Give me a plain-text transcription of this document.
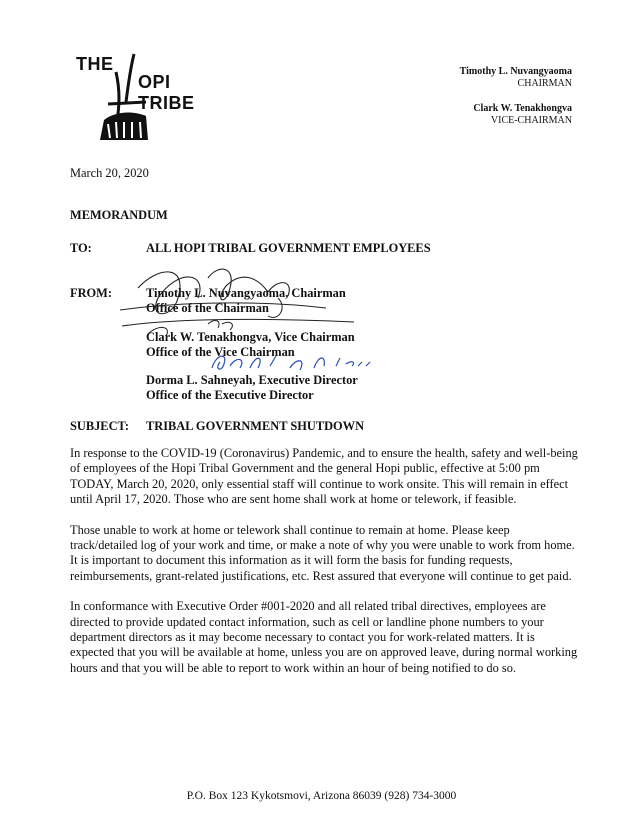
THE
OPI TRIBE
Timothy L. Nuvangyaoma
CHAIRMAN
Clark W. Tenakhongva
VICE-CHAIRMAN
March 20, 2020
MEMORANDUM
TO:	ALL HOPI TRIBAL GOVERNMENT EMPLOYEES
FROM:	Timothy L. Nuvangyaoma, Chairman
Office of the Chairman
Clark W. Tenakhongva, Vice Chairman
Office of the Vice Chairman
Dorma L. Sahneyah, Executive Director
Office of the Executive Director
SUBJECT: TRIBAL GOVERNMENT SHUTDOWN

In response to the COVID-19 (Coronavirus) Pandemic, and to ensure the health, safety and well-being of employees of the Hopi Tribal Government and the general Hopi public, effective at 5:00 pm TODAY, March 20, 2020, only essential staff will continue to work onsite. This will remain in effect until April 17, 2020. Those who are sent home shall work at home or telework, if feasible.

Those unable to work at home or telework shall continue to remain at home. Please keep track/detailed log of your work and time, or make a note of why you were unable to work from home. It is important to document this information as it will form the basis for funding requests, reimbursements, grant-related justifications, etc. Rest assured that everyone will continue to get paid.

In conformance with Executive Order #001-2020 and all related tribal directives, employees are directed to provide updated contact information, such as cell or landline phone numbers to your department directors as it may become necessary to contact you for work-related matters. It is expected that you will be available at home, unless you are on approved leave, during normal working hours and that you will be able to report to work within an hour of being notified to do so.

P.O. Box 123 Kykotsmovi, Arizona 86039 (928) 734-3000
